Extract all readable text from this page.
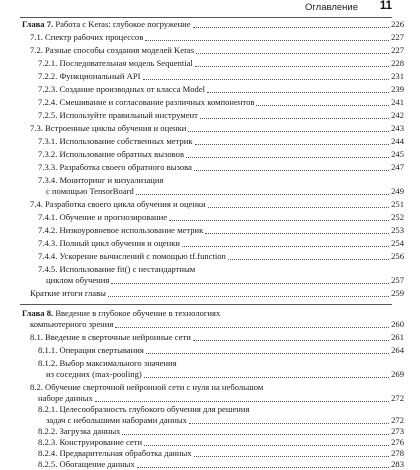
Оглавление 11
Глава 7. Работа с Keras: глубокое погружение	226
7.1. Спектр рабочих процессов	227
7.2. Разные способы создания моделей Keras	227
7.2.1. Последовательная модель Sequential	228
7.2.2. Функциональный API	231
7.2.3. Создание производных от класса Model	239
7.2.4. Смешивание и согласование различных компонентов	241
7.2.5. Используйте правильный инструмент	242
7.3. Встроенные циклы обучения и оценки	243
7.3.1. Использование собственных метрик	244
7.3.2. Использование обратных вызовов	245
7.3.3. Разработка своего обратного вызова	247
7.3.4. Мониторинг и визуализация
с помощью TensorBoard	249
7.4. Разработка своего цикла обучения и оценки	251
7.4.1. Обучение и прогнозирование	252
7.4.2. Низкоуровневое использование метрик	253
7.4.3. Полный цикл обучения и оценки	254
7.4.4. Ускорение вычислений с помощью tf.function	256
7.4.5. Использование fit() с нестандартным
циклом обучения	257
Краткие итоги главы	259
Глава 8. Введение в глубокое обучение в технологиях
компьютерного зрения	260
8.1. Введение в сверточные нейронные сети	261
8.1.1. Операция свертывания	264
8.1.2. Выбор максимального значения
из соседних (max-pooling)	269
8.2. Обучение сверточной нейронной сети с нуля на небольшом
наборе данных	272
8.2.1. Целесообразность глубокого обучения для решения
задач с небольшими наборами данных	272
8.2.2. Загрузка данных	273
8.2.3. Конструирование сети	276
8.2.4. Предварительная обработка данных	278
8.2.5. Обогащение данных	283
